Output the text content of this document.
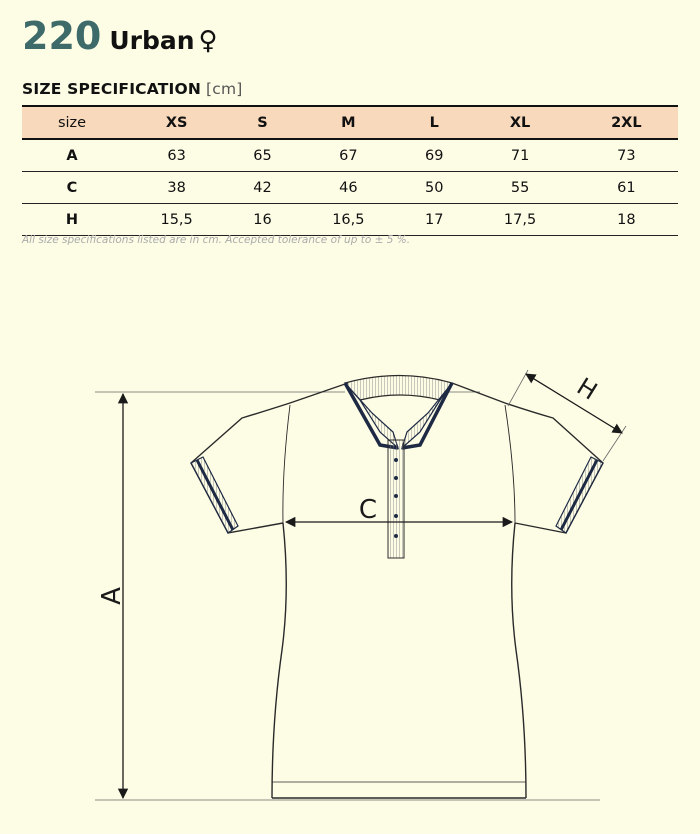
220 Urban ♀
SIZE SPECIFICATION [cm]
size	XS	S	M	L	XL	2XL
A	63	65	67	69	71	73
C	38	42	46	50	55	61
H	15,5	16	16,5	17	17,5	18
All size specifications listed are in cm. Accepted tolerance of up to ± 5 %.
A
C
H
